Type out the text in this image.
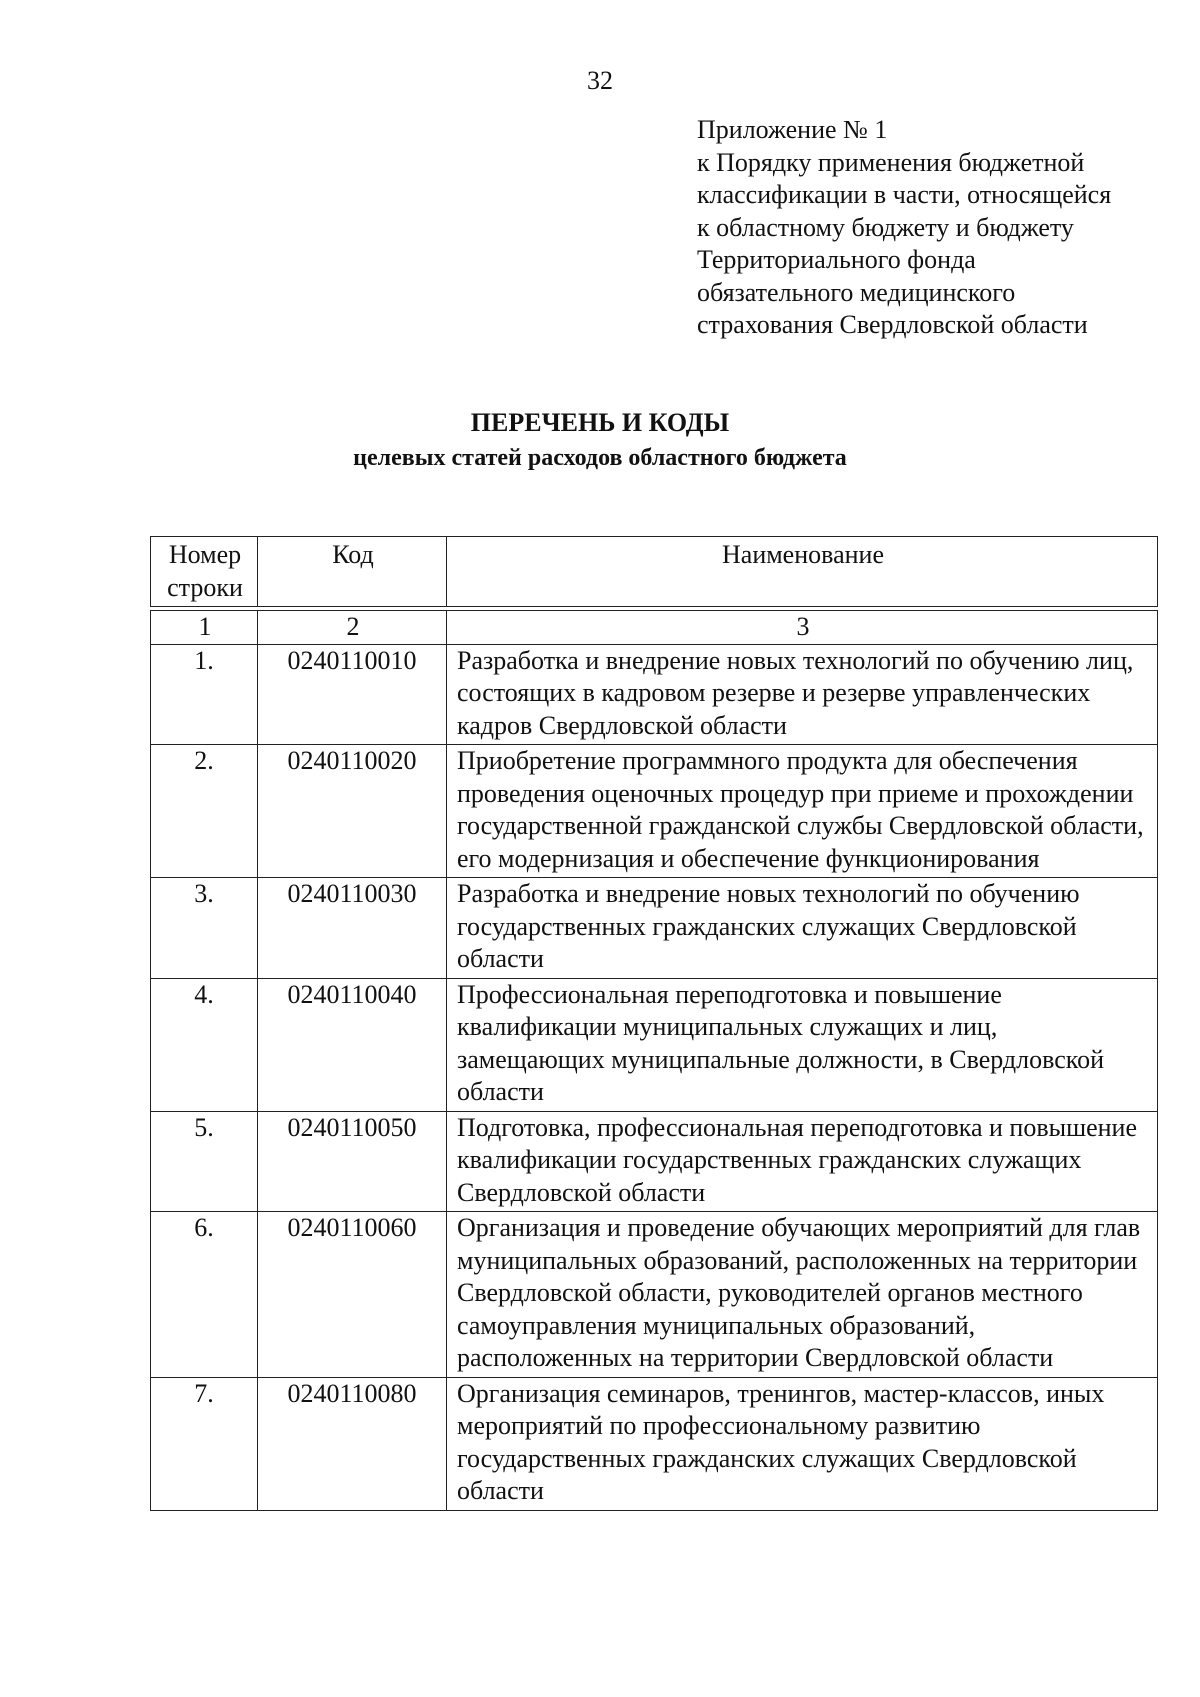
32
Приложение № 1
к Порядку применения бюджетной
классификации в части, относящейся
к областному бюджету и бюджету
Территориального фонда
обязательного медицинского
страхования Свердловской области
ПЕРЕЧЕНЬ И КОДЫ
целевых статей расходов областного бюджета
Номер строки	Код	Наименование

1	2	3
1.	0240110010	Разработка и внедрение новых технологий по обучению лиц, состоящих в кадровом резерве и резерве управленческих кадров Свердловской области
2.	0240110020	Приобретение программного продукта для обеспечения проведения оценочных процедур при приеме и прохождении государственной гражданской службы Свердловской области, его модернизация и обеспечение функционирования
3.	0240110030	Разработка и внедрение новых технологий по обучению государственных гражданских служащих Свердловской области
4.	0240110040	Профессиональная переподготовка и повышение квалификации муниципальных служащих и лиц, замещающих муниципальные должности, в Свердловской области
5.	0240110050	Подготовка, профессиональная переподготовка и повышение квалификации государственных гражданских служащих Свердловской области
6.	0240110060	Организация и проведение обучающих мероприятий для глав муниципальных образований, расположенных на территории Свердловской области, руководителей органов местного самоуправления муниципальных образований, расположенных на территории Свердловской области
7.	0240110080	Организация семинаров, тренингов, мастер-классов, иных мероприятий по профессиональному развитию государственных гражданских служащих Свердловской области
